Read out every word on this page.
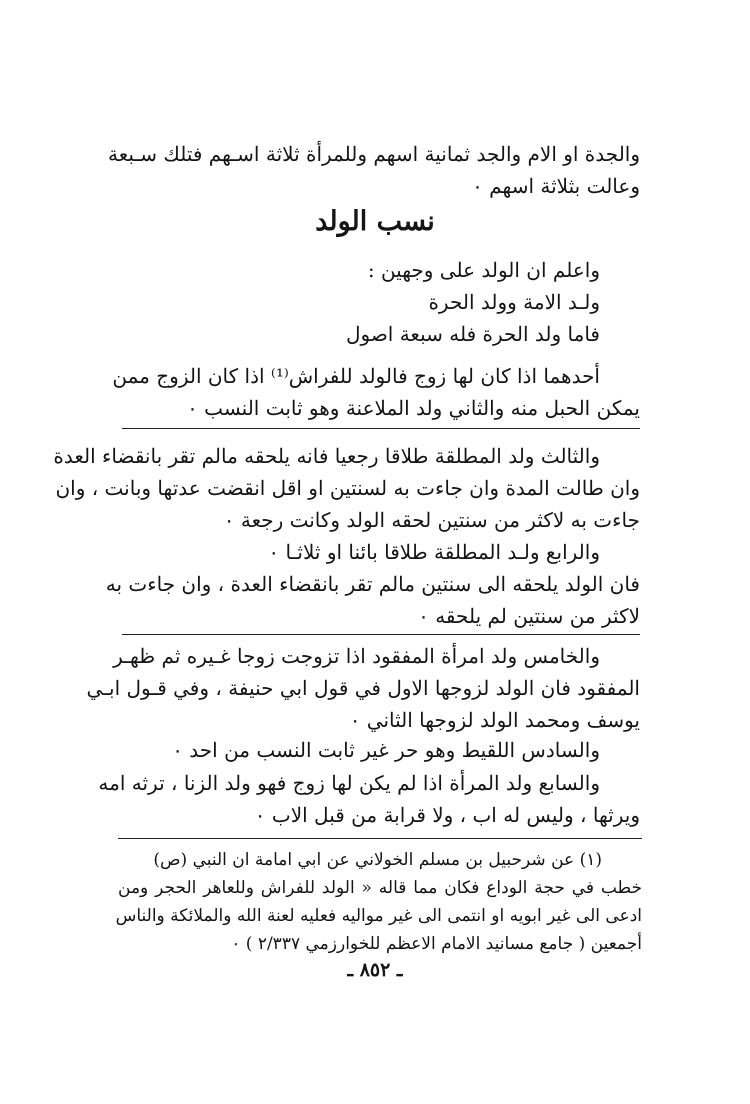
والجدة او الام والجد ثمانية اسهم وللمرأة ثلاثة اسـهم فتلك سـبعة
وعالت بثلاثة اسهم ٠
نسب الولد
واعلم ان الولد على وجهين :
ولـد الامة وولد الحرة
فاما ولد الحرة فله سبعة اصول
أحدهما اذا كان لها زوج فالولد للفراش⁽¹⁾ اذا كان الزوج ممن
يمكن الحبل منه والثاني ولد الملاعنة وهو ثابت النسب ٠
والثالث ولد المطلقة طلاقا رجعيا فانه يلحقه مالم تقر بانقضاء العدة
وان طالت المدة وان جاءت به لسنتين او اقل انقضت عدتها وبانت ، وان
جاءت به لاكثر من سنتين لحقه الولد وكانت رجعة ٠
والرابع ولـد المطلقة طلاقا بائنا او ثلاثـا ٠
فان الولد يلحقه الى سنتين مالم تقر بانقضاء العدة ، وان جاءت به
لاكثر من سنتين لم يلحقه ٠
والخامس ولد امرأة المفقود اذا تزوجت زوجا غـيره ثم ظهـر
المفقود فان الولد لزوجها الاول في قول ابي حنيفة ، وفي قـول ابـي
يوسف ومحمد الولد لزوجها الثاني ٠
والسادس اللقيط وهو حر غير ثابت النسب من احد ٠
والسابع ولد المرأة اذا لم يكن لها زوج فهو ولد الزنا ، ترثه امه
ويرثها ، وليس له اب ، ولا قرابة من قبل الاب ٠
(١) عن شرحبيل بن مسلم الخولاني عن ابي امامة ان النبي (ص)
خطب في حجة الوداع فكان مما قاله « الولد للفراش وللعاهر الحجر ومن
ادعى الى غير ابويه او انتمى الى غير مواليه فعليه لعنة الله والملائكة والناس
أجمعين ( جامع مسانيد الامام الاعظم للخوارزمي ٢/٣٣٧ ) ٠
ـ ٨٥٢ ـ
